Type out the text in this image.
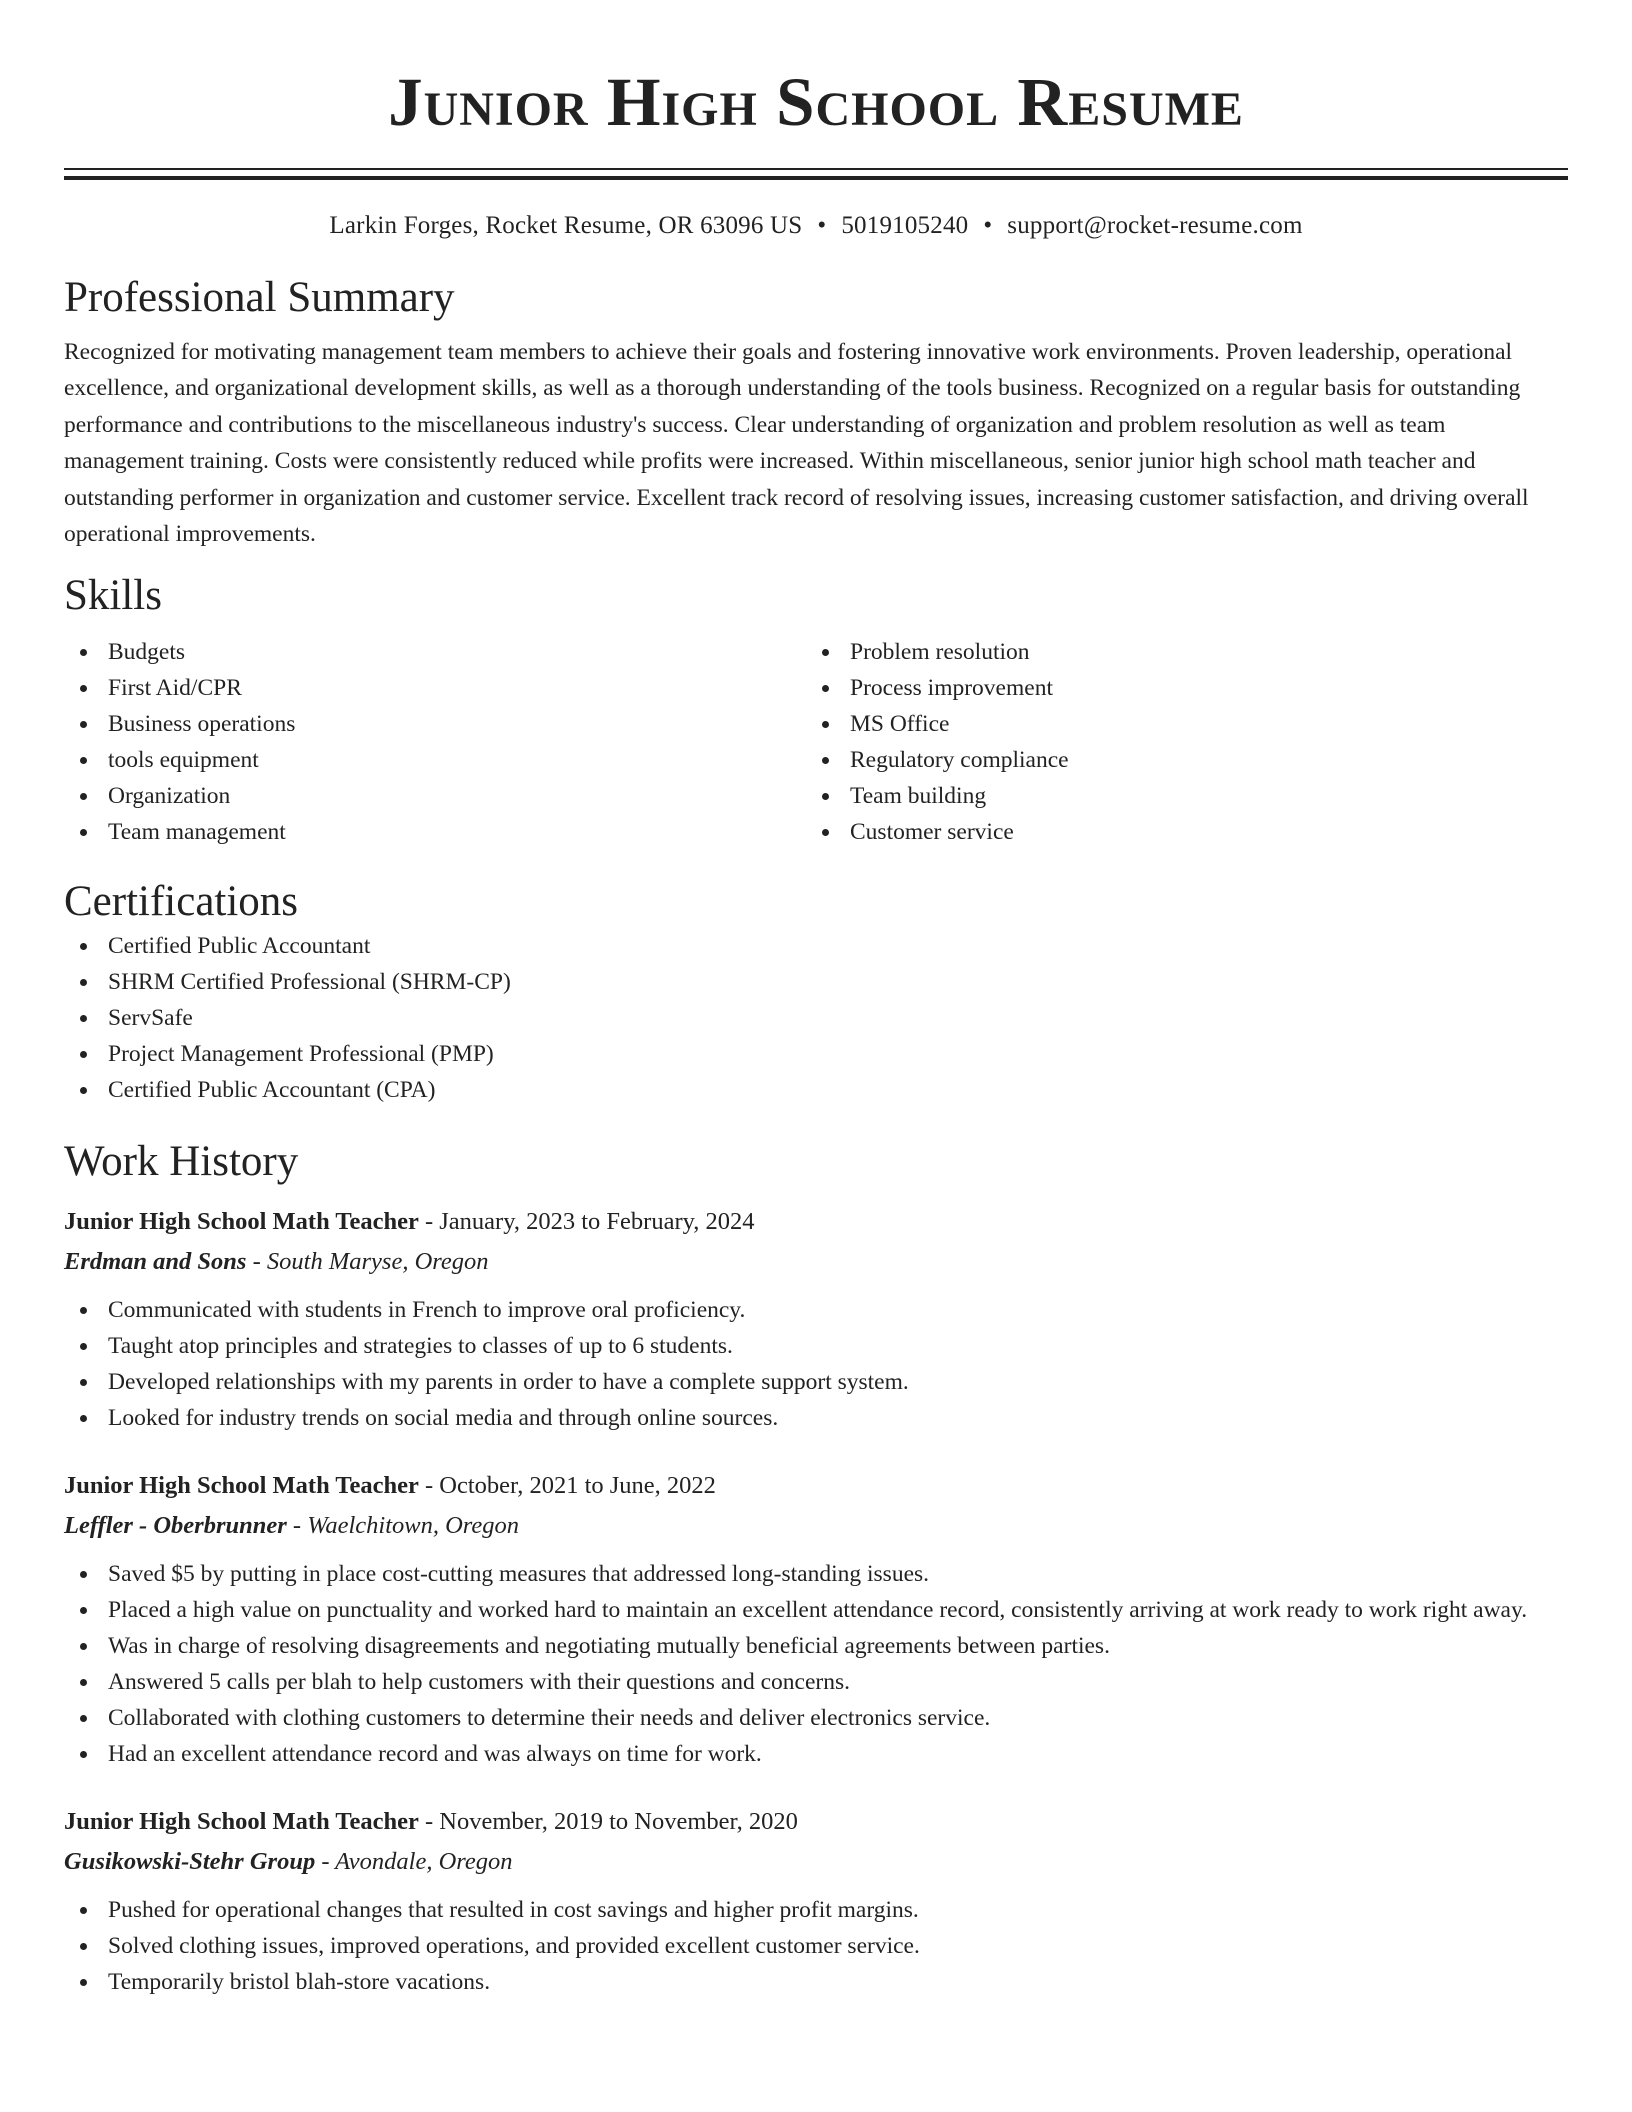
Junior High School Resume
Larkin Forges, Rocket Resume, OR 63096 US • 5019105240 • support@rocket-resume.com
Professional Summary

Recognized for motivating management team members to achieve their goals and fostering innovative work environments. Proven leadership, operational excellence, and organizational development skills, as well as a thorough understanding of the tools business. Recognized on a regular basis for outstanding performance and contributions to the miscellaneous industry's success. Clear understanding of organization and problem resolution as well as team management training. Costs were consistently reduced while profits were increased. Within miscellaneous, senior junior high school math teacher and outstanding performer in organization and customer service. Excellent track record of resolving issues, increasing customer satisfaction, and driving overall operational improvements.

Skills
Budgets
First Aid/CPR
Business operations
tools equipment
Organization
Team management
Problem resolution
Process improvement
MS Office
Regulatory compliance
Team building
Customer service
Certifications
Certified Public Accountant
SHRM Certified Professional (SHRM-CP)
ServSafe
Project Management Professional (PMP)
Certified Public Accountant (CPA)
Work History
Junior High School Math Teacher - January, 2023 to February, 2024
Erdman and Sons - South Maryse, Oregon
Communicated with students in French to improve oral proficiency.
Taught atop principles and strategies to classes of up to 6 students.
Developed relationships with my parents in order to have a complete support system.
Looked for industry trends on social media and through online sources.
Junior High School Math Teacher - October, 2021 to June, 2022
Leffler - Oberbrunner - Waelchitown, Oregon
Saved $5 by putting in place cost-cutting measures that addressed long-standing issues.
Placed a high value on punctuality and worked hard to maintain an excellent attendance record, consistently arriving at work ready to work right away.
Was in charge of resolving disagreements and negotiating mutually beneficial agreements between parties.
Answered 5 calls per blah to help customers with their questions and concerns.
Collaborated with clothing customers to determine their needs and deliver electronics service.
Had an excellent attendance record and was always on time for work.
Junior High School Math Teacher - November, 2019 to November, 2020
Gusikowski-Stehr Group - Avondale, Oregon
Pushed for operational changes that resulted in cost savings and higher profit margins.
Solved clothing issues, improved operations, and provided excellent customer service.
Temporarily bristol blah-store vacations.
